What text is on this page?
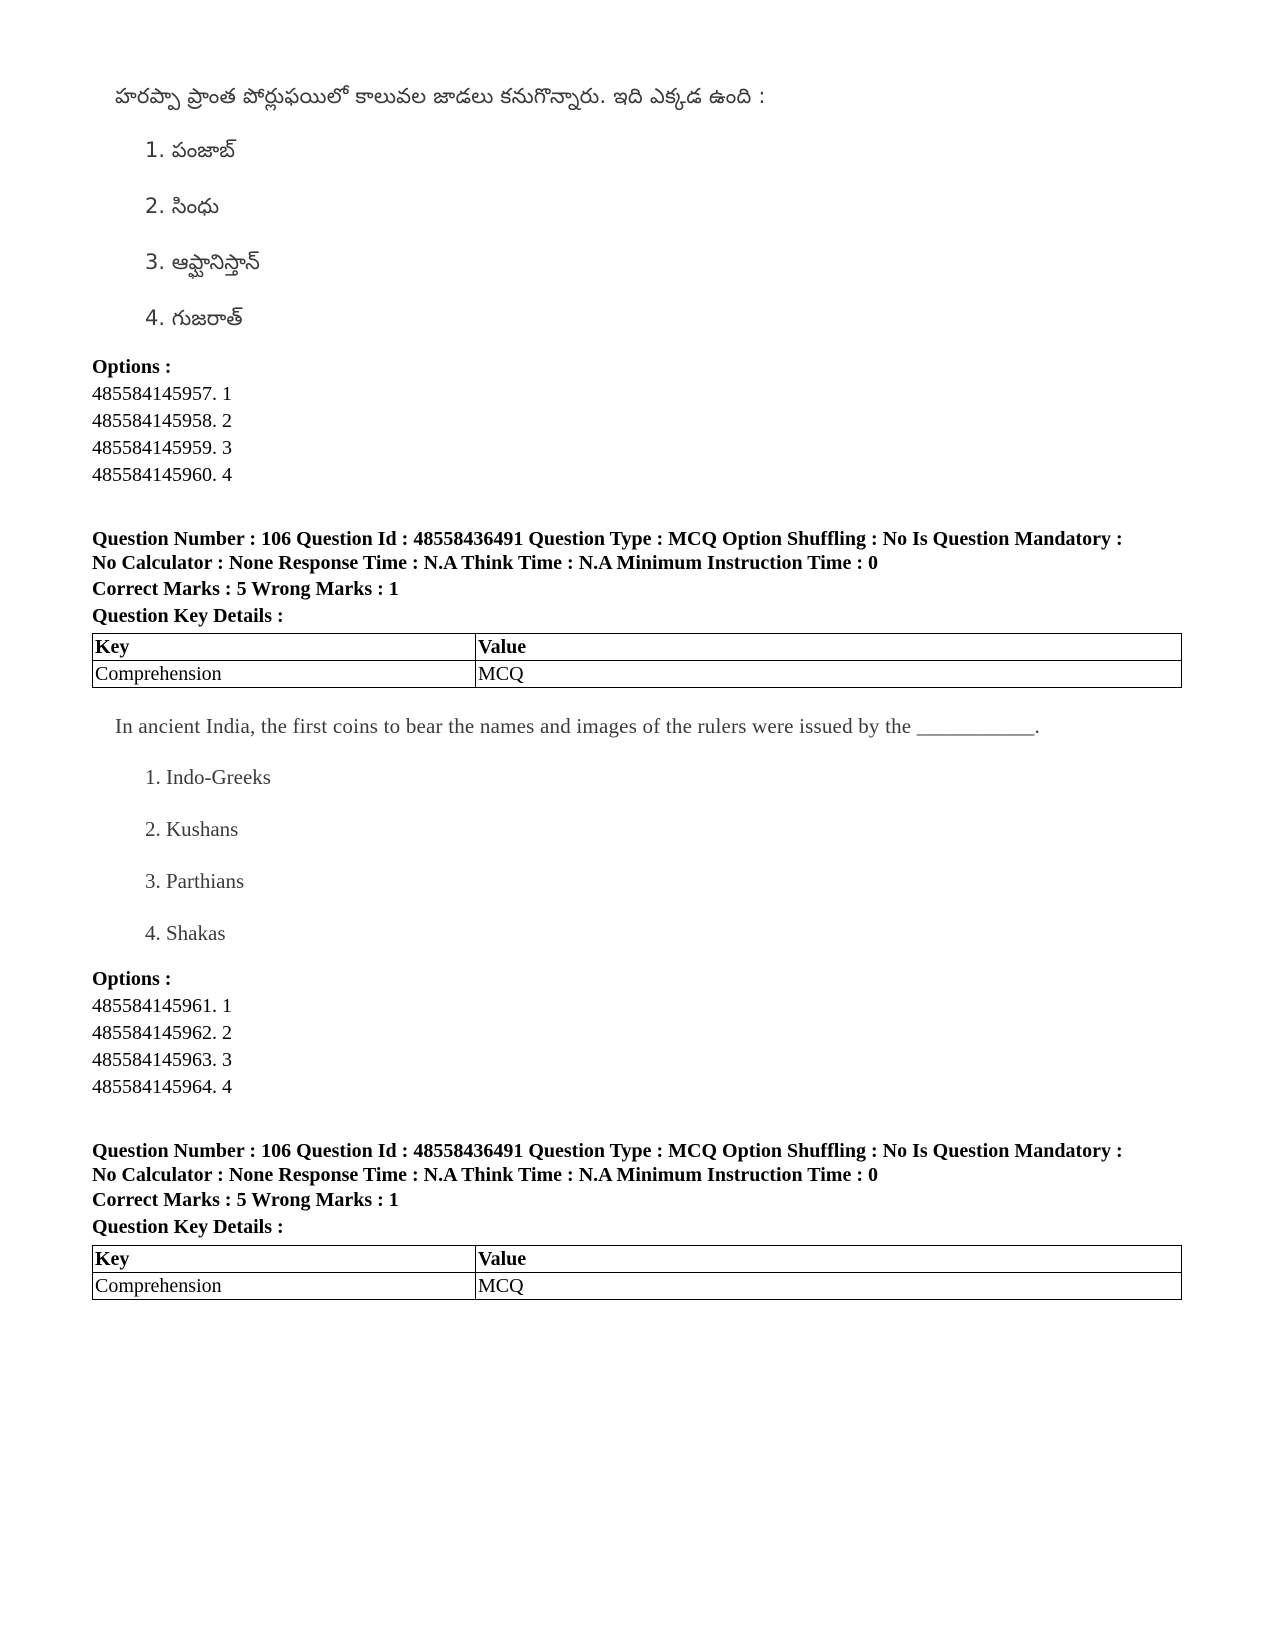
హరప్పా ప్రాంత పోర్లుఫయిలో కాలువల జాడలు కనుగొన్నారు. ఇది ఎక్కడ ఉంది :
1. పంజాబ్
2. సింధు
3. ఆఫ్ఘానిస్తాన్
4. గుజరాత్
Options :
485584145957. 1
485584145958. 2
485584145959. 3
485584145960. 4
Question Number : 106 Question Id : 48558436491 Question Type : MCQ Option Shuffling : No Is Question Mandatory :
No Calculator : None Response Time : N.A Think Time : N.A Minimum Instruction Time : 0
Correct Marks : 5 Wrong Marks : 1
Question Key Details :
Key	Value
Comprehension	MCQ
In ancient India, the first coins to bear the names and images of the rulers were issued by the ___________.
1. Indo-Greeks
2. Kushans
3. Parthians
4. Shakas
Options :
485584145961. 1
485584145962. 2
485584145963. 3
485584145964. 4
Question Number : 106 Question Id : 48558436491 Question Type : MCQ Option Shuffling : No Is Question Mandatory :
No Calculator : None Response Time : N.A Think Time : N.A Minimum Instruction Time : 0
Correct Marks : 5 Wrong Marks : 1
Question Key Details :
Key	Value
Comprehension	MCQ
